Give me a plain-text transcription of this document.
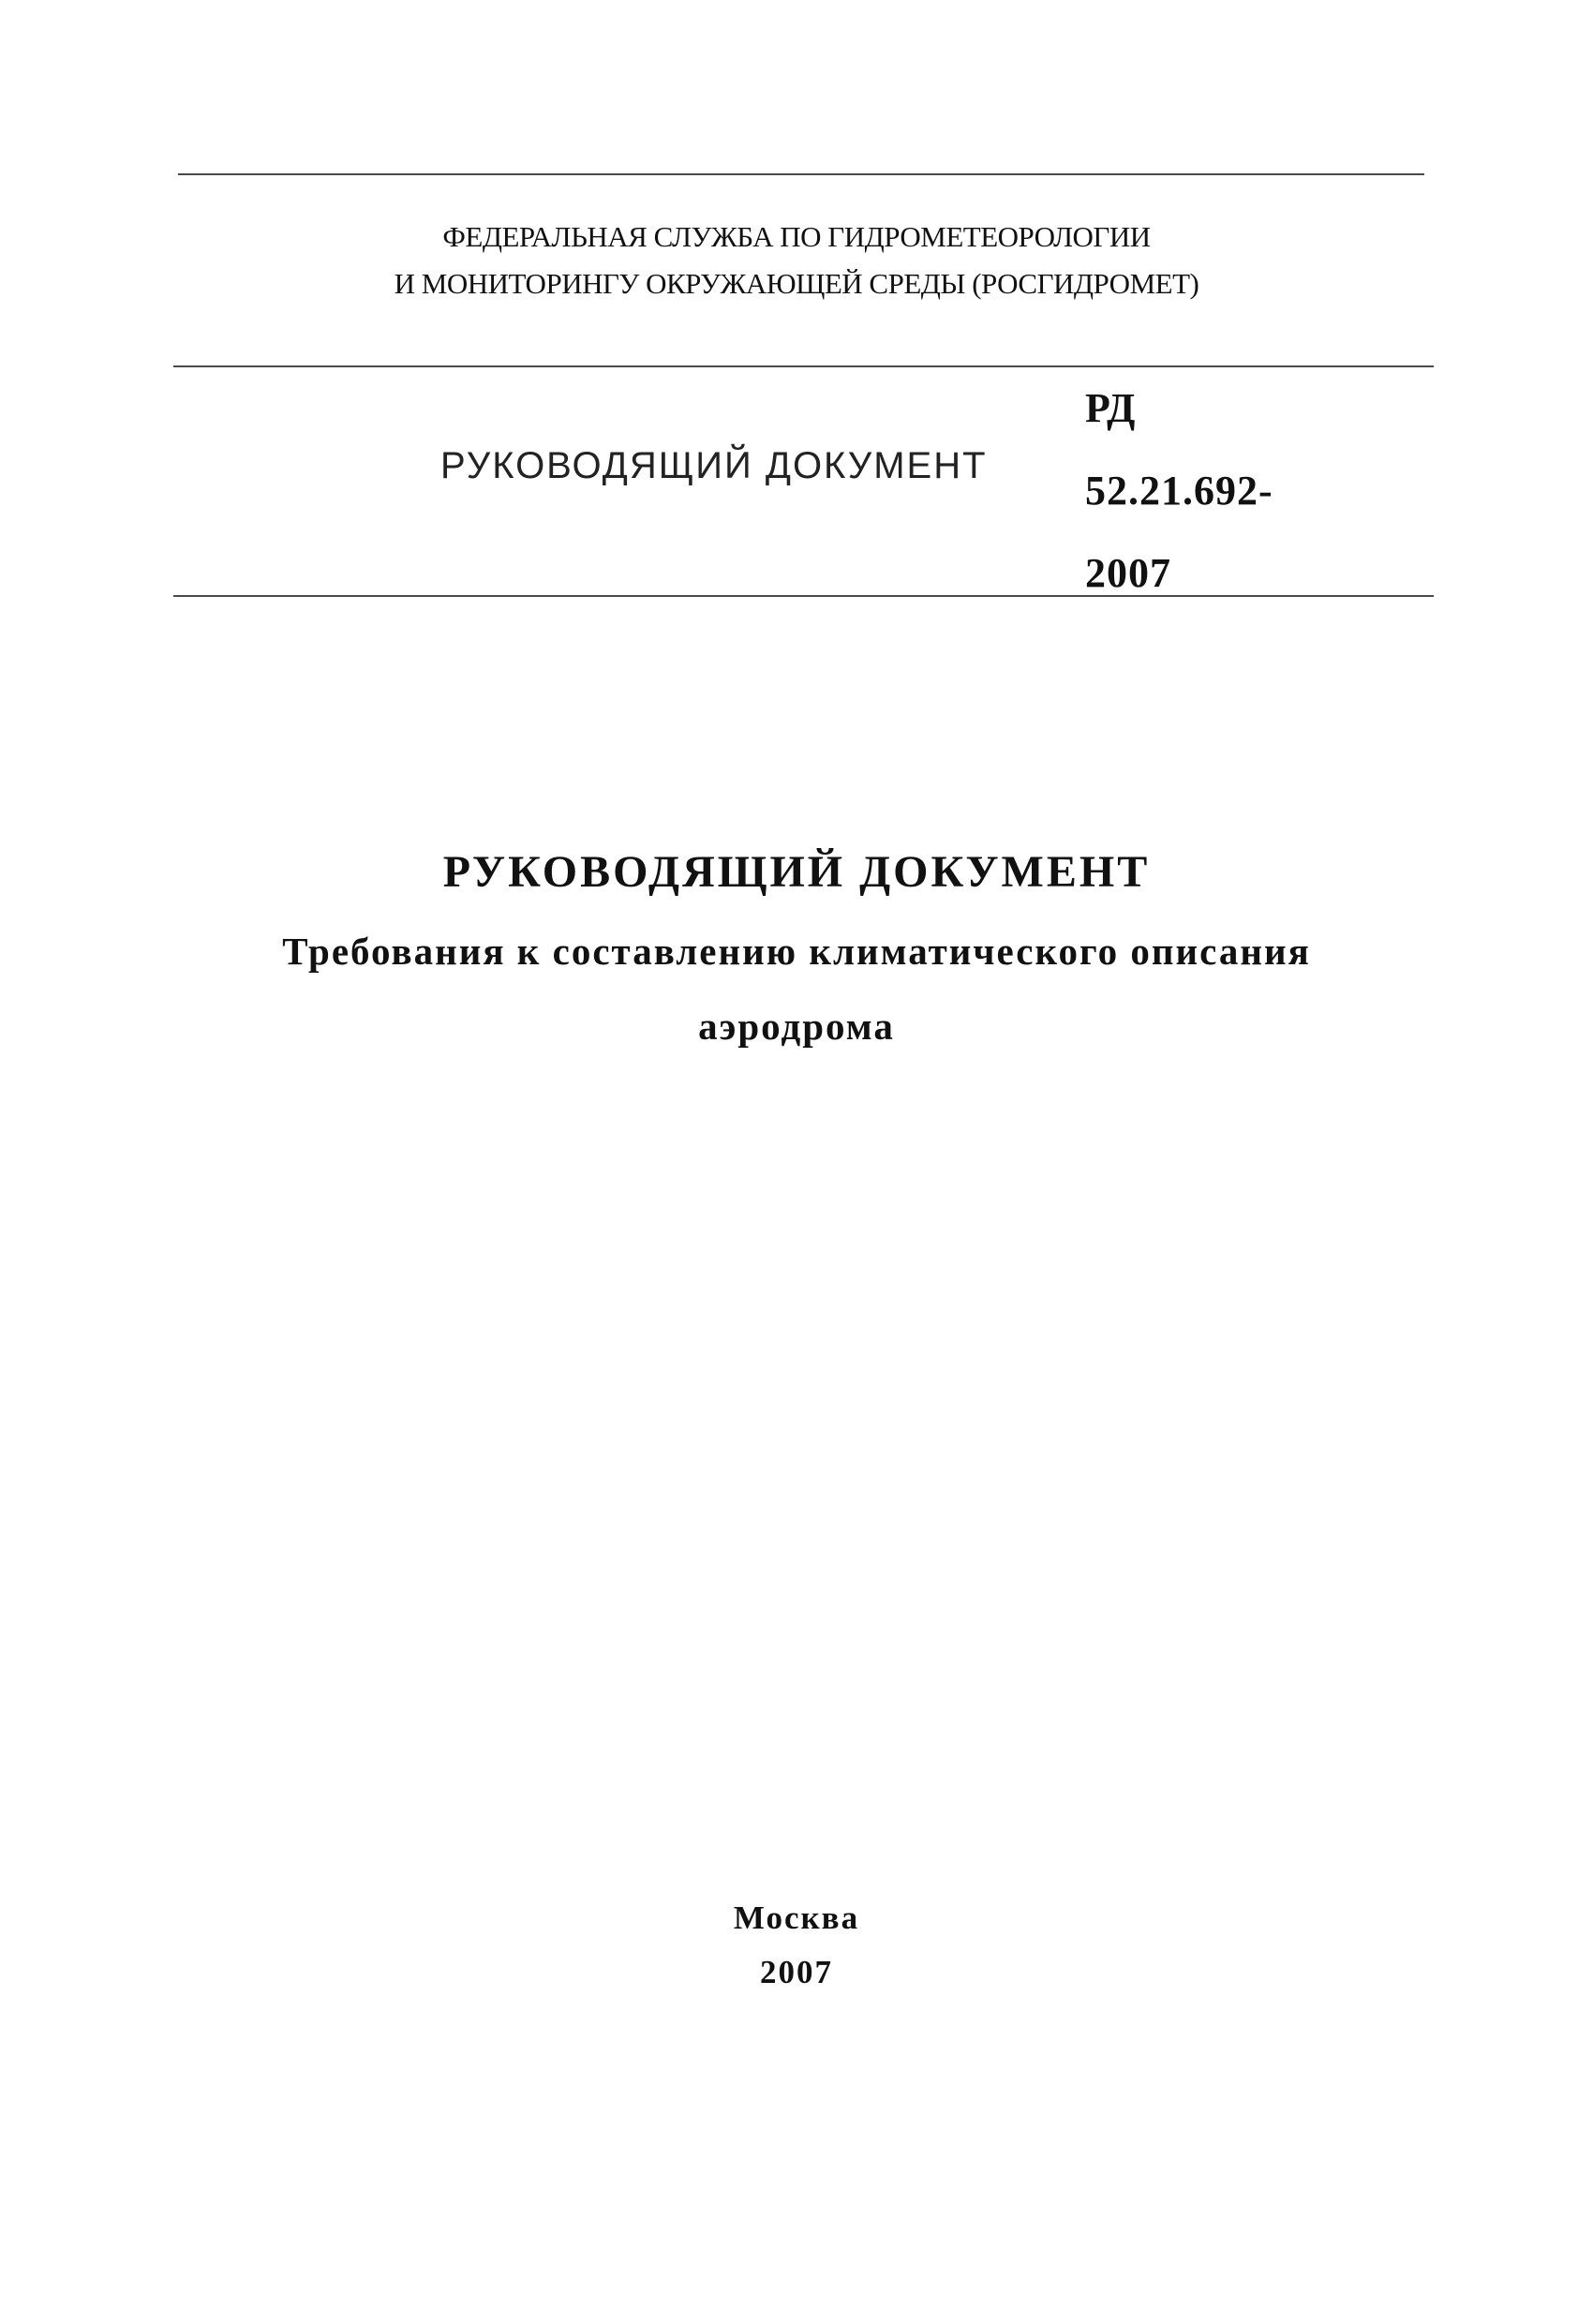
ФЕДЕРАЛЬНАЯ СЛУЖБА ПО ГИДРОМЕТЕОРОЛОГИИ
И МОНИТОРИНГУ ОКРУЖАЮЩЕЙ СРЕДЫ (РОСГИДРОМЕТ)
РУКОВОДЯЩИЙ ДОКУМЕНТ
РД
52.21.692-
2007
РУКОВОДЯЩИЙ ДОКУМЕНТ
Требования к составлению климатического описания
аэродрома
Москва
2007
